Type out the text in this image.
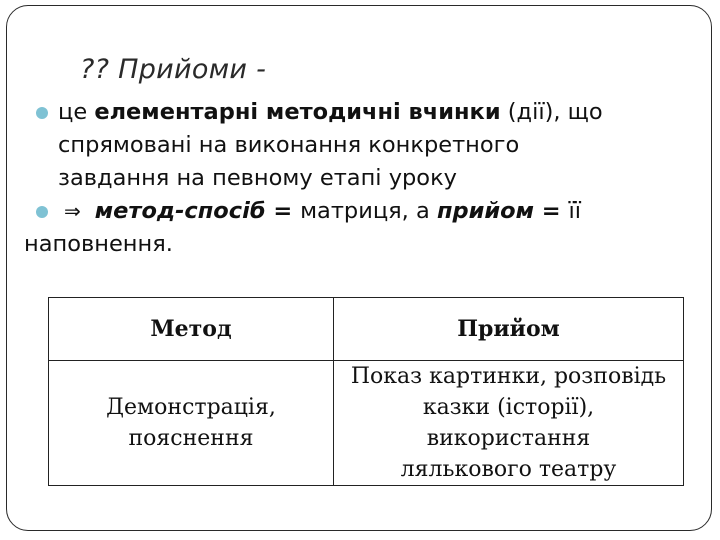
?? Прийоми -
це елементарні методичні вчинки (дії), що
спрямовані на виконання конкретного
завдання на певному етапі уроку
⇒ метод-спосіб = матриця, а прийом = її
наповнення.
Метод	Прийом
Демонстрація,
пояснення	Показ картинки, розповідь
казки (історії), використання
лялькового театру
